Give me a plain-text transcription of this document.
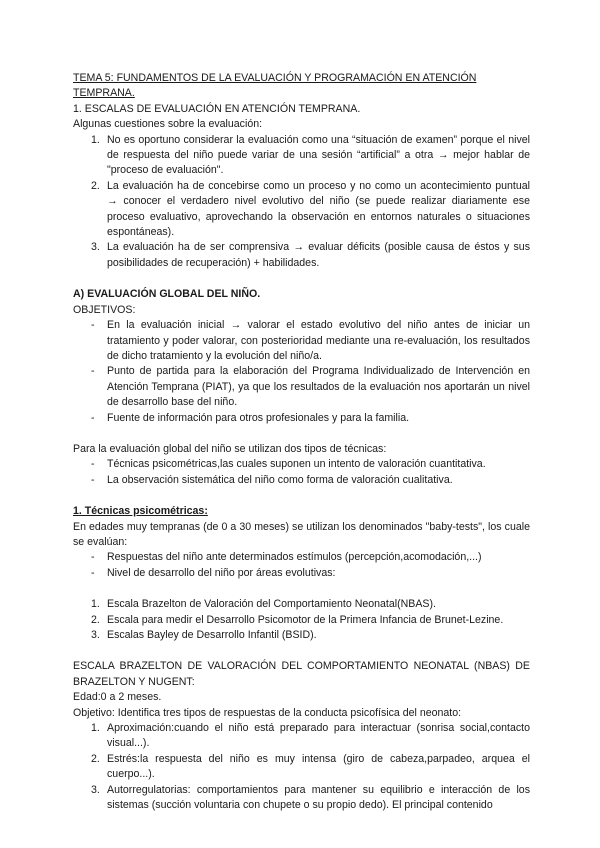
TEMA 5: FUNDAMENTOS DE LA EVALUACIÓN Y PROGRAMACIÓN EN ATENCIÓN TEMPRANA.

1. ESCALAS DE EVALUACIÓN EN ATENCIÓN TEMPRANA.

Algunas cuestiones sobre la evaluación:

1. No es oportuno considerar la evaluación como una “situación de examen” porque el nivel de respuesta del niño puede variar de una sesión “artificial” a otra → mejor hablar de "proceso de evaluación".
2. La evaluación ha de concebirse como un proceso y no como un acontecimiento puntual → conocer el verdadero nivel evolutivo del niño (se puede realizar diariamente ese proceso evaluativo, aprovechando la observación en entornos naturales o situaciones espontáneas).
3. La evaluación ha de ser comprensiva → evaluar déficits (posible causa de éstos y sus posibilidades de recuperación) + habilidades.

A) EVALUACIÓN GLOBAL DEL NIÑO.

OBJETIVOS:

- En la evaluación inicial → valorar el estado evolutivo del niño antes de iniciar un tratamiento y poder valorar, con posterioridad mediante una re-evaluación, los resultados de dicho tratamiento y la evolución del niño/a.
- Punto de partida para la elaboración del Programa Individualizado de Intervención en Atención Temprana (PIAT), ya que los resultados de la evaluación nos aportarán un nivel de desarrollo base del niño.
- Fuente de información para otros profesionales y para la familia.

Para la evaluación global del niño se utilizan dos tipos de técnicas:

- Técnicas psicométricas,las cuales suponen un intento de valoración cuantitativa.
- La observación sistemática del niño como forma de valoración cualitativa.

1. Técnicas psicométricas:

En edades muy tempranas (de 0 a 30 meses) se utilizan los denominados "baby-tests", los cuale se evalúan:

- Respuestas del niño ante determinados estímulos (percepción,acomodación,...)
- Nivel de desarrollo del niño por áreas evolutivas:
1. Escala Brazelton de Valoración del Comportamiento Neonatal(NBAS).
2. Escala para medir el Desarrollo Psicomotor de la Primera Infancia de Brunet-Lezine.
3. Escalas Bayley de Desarrollo Infantil (BSID).

ESCALA BRAZELTON DE VALORACIÓN DEL COMPORTAMIENTO NEONATAL (NBAS) DE BRAZELTON Y NUGENT:

Edad:0 a 2 meses.

Objetivo: Identifica tres tipos de respuestas de la conducta psicofísica del neonato:

1. Aproximación:cuando el niño está preparado para interactuar (sonrisa social,contacto visual...).
2. Estrés:la respuesta del niño es muy intensa (giro de cabeza,parpadeo, arquea el cuerpo...).
3. Autorregulatorias: comportamientos para mantener su equilibrio e interacción de los sistemas (succión voluntaria con chupete o su propio dedo). El principal contenido
